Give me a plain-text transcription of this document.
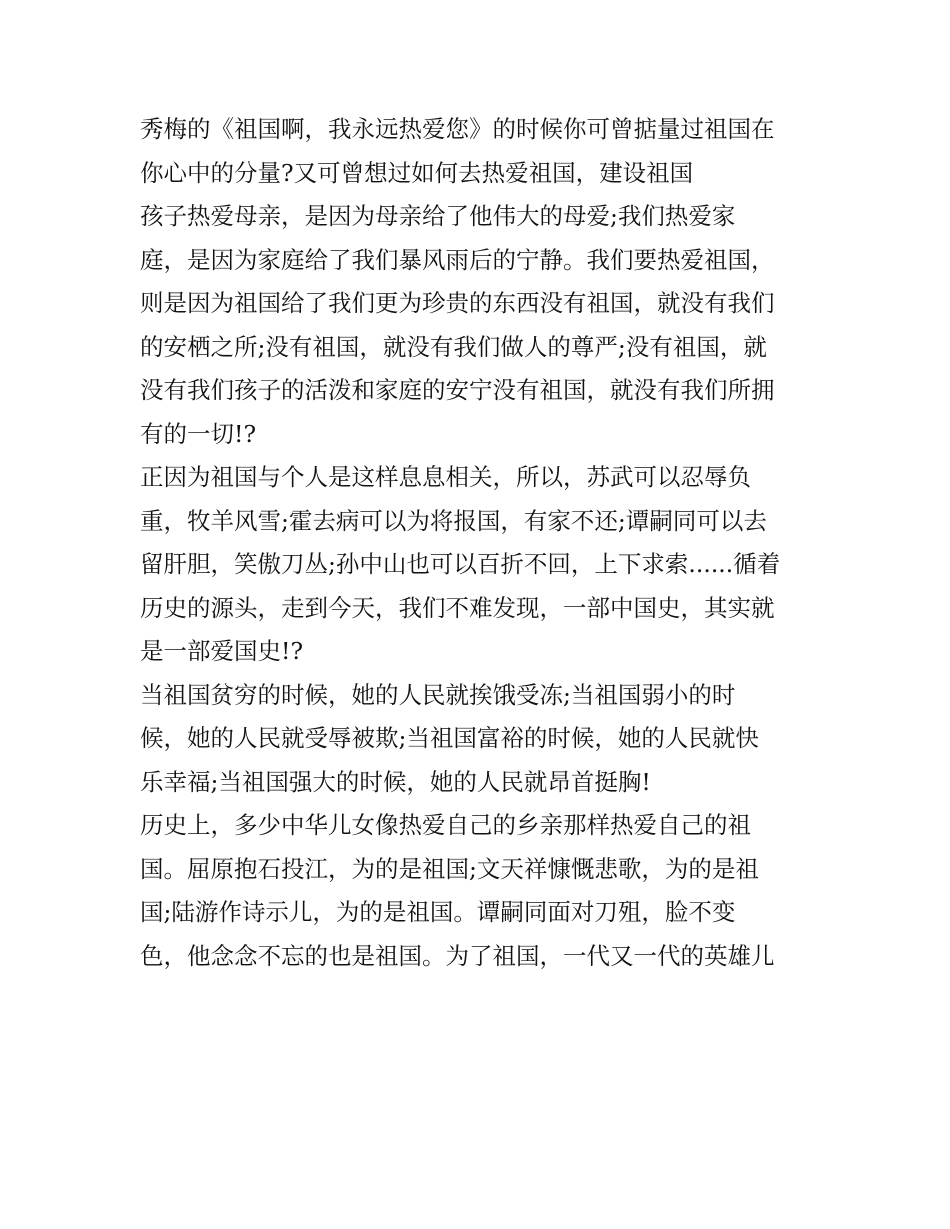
秀梅的《祖国啊，我永远热爱您》的时候你可曾掂量过祖国在
你心中的分量?又可曾想过如何去热爱祖国，建设祖国
孩子热爱母亲，是因为母亲给了他伟大的母爱;我们热爱家
庭，是因为家庭给了我们暴风雨后的宁静。我们要热爱祖国，
则是因为祖国给了我们更为珍贵的东西没有祖国，就没有我们
的安栖之所;没有祖国，就没有我们做人的尊严;没有祖国，就
没有我们孩子的活泼和家庭的安宁没有祖国，就没有我们所拥
有的一切!?
正因为祖国与个人是这样息息相关，所以，苏武可以忍辱负
重，牧羊风雪;霍去病可以为将报国，有家不还;谭嗣同可以去
留肝胆，笑傲刀丛;孙中山也可以百折不回，上下求索......循着
历史的源头，走到今天，我们不难发现，一部中国史，其实就
是一部爱国史!?
当祖国贫穷的时候，她的人民就挨饿受冻;当祖国弱小的时
候，她的人民就受辱被欺;当祖国富裕的时候，她的人民就快
乐幸福;当祖国强大的时候，她的人民就昂首挺胸!
历史上，多少中华儿女像热爱自己的乡亲那样热爱自己的祖
国。屈原抱石投江，为的是祖国;文天祥慷慨悲歌，为的是祖
国;陆游作诗示儿，为的是祖国。谭嗣同面对刀殂，脸不变
色，他念念不忘的也是祖国。为了祖国，一代又一代的英雄儿
